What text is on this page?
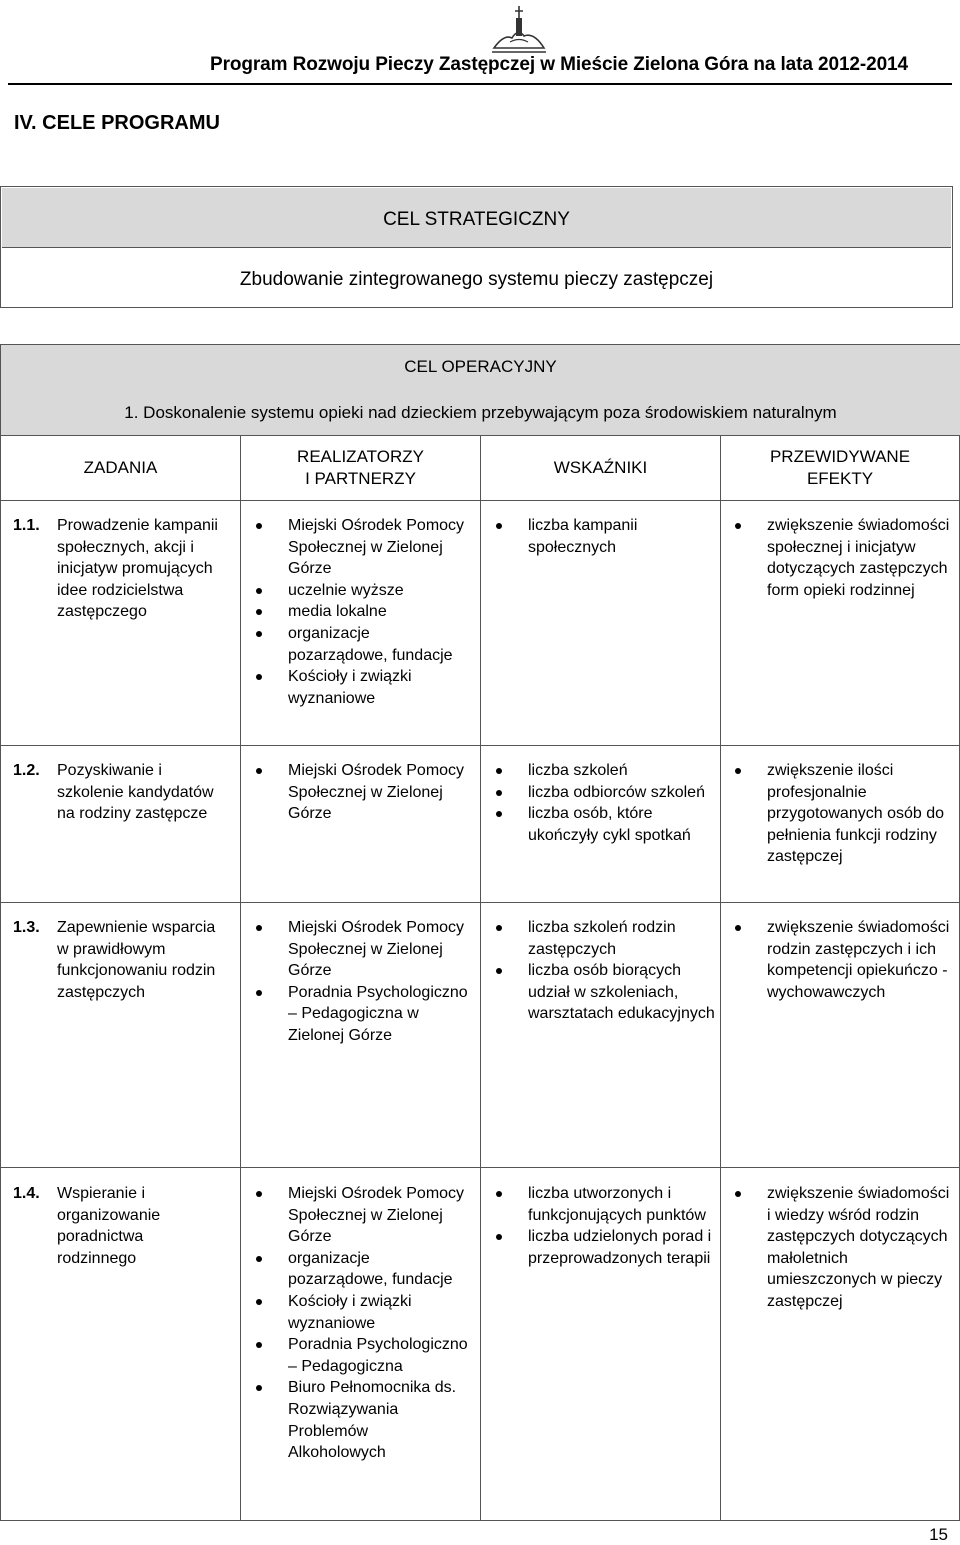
Program Rozwoju Pieczy Zastępczej w Mieście Zielona Góra na lata 2012-2014
IV. CELE PROGRAMU
CEL STRATEGICZNY
Zbudowanie zintegrowanego systemu pieczy zastępczej
CEL OPERACYJNY
1. Doskonalenie systemu opieki nad dzieckiem przebywającym poza środowiskiem naturalnym
ZADANIA
REALIZATORZY
I PARTNERZY
WSKAŹNIKI
PRZEWIDYWANE
EFEKTY
1.1. Prowadzenie kampanii społecznych, akcji i inicjatyw promujących idee rodzicielstwa zastępczego
Miejski Ośrodek Pomocy Społecznej w Zielonej Górze
uczelnie wyższe
media lokalne
organizacje pozarządowe, fundacje
Kościoły i związki wyznaniowe
liczba kampanii społecznych
zwiększenie świadomości społecznej i inicjatyw dotyczących zastępczych form opieki rodzinnej
1.2. Pozyskiwanie i szkolenie kandydatów na rodziny zastępcze
Miejski Ośrodek Pomocy Społecznej w Zielonej Górze
liczba szkoleń
liczba odbiorców szkoleń
liczba osób, które ukończyły cykl spotkań
zwiększenie ilości profesjonalnie przygotowanych osób do pełnienia funkcji rodziny zastępczej
1.3. Zapewnienie wsparcia w prawidłowym funkcjonowaniu rodzin zastępczych
Miejski Ośrodek Pomocy Społecznej w Zielonej Górze
Poradnia Psychologiczno – Pedagogiczna w Zielonej Górze
liczba szkoleń rodzin zastępczych
liczba osób biorących udział w szkoleniach, warsztatach edukacyjnych
zwiększenie świadomości rodzin zastępczych i ich kompetencji opiekuńczo - wychowawczych
1.4. Wspieranie i organizowanie poradnictwa rodzinnego
Miejski Ośrodek Pomocy Społecznej w Zielonej Górze
organizacje pozarządowe, fundacje
Kościoły i związki wyznaniowe
Poradnia Psychologiczno – Pedagogiczna
Biuro Pełnomocnika ds. Rozwiązywania Problemów Alkoholowych
liczba utworzonych i funkcjonujących punktów
liczba udzielonych porad i przeprowadzonych terapii
zwiększenie świadomości i wiedzy wśród rodzin zastępczych dotyczących małoletnich umieszczonych w pieczy zastępczej
15
